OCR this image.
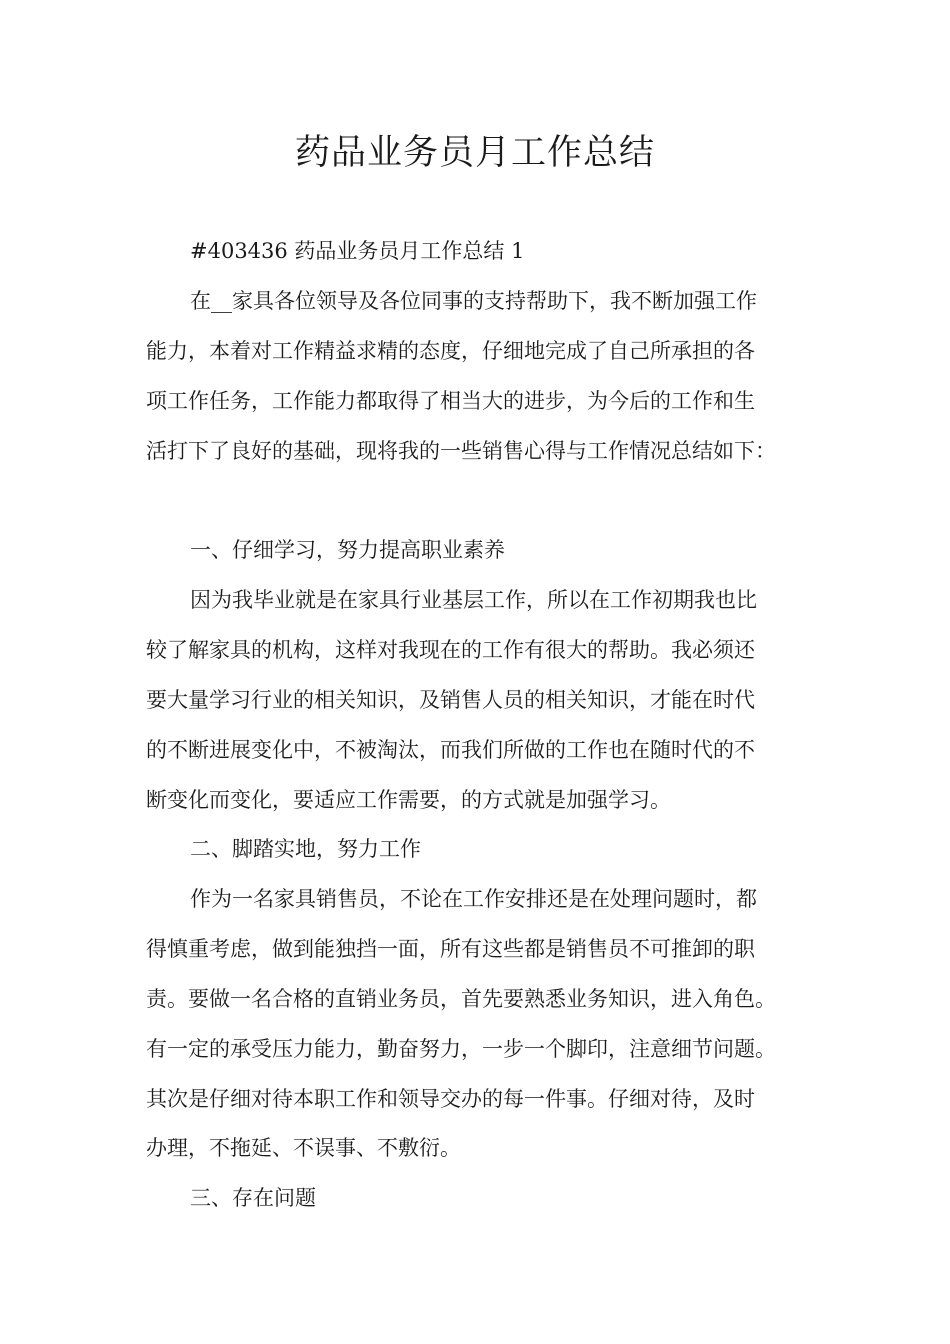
药品业务员月工作总结

#403436 药品业务员月工作总结 1

在__家具各位领导及各位同事的支持帮助下，我不断加强工作

能力，本着对工作精益求精的态度，仔细地完成了自己所承担的各

项工作任务，工作能力都取得了相当大的进步，为今后的工作和生

活打下了良好的基础，现将我的一些销售心得与工作情况总结如下：

一、仔细学习，努力提高职业素养

因为我毕业就是在家具行业基层工作，所以在工作初期我也比

较了解家具的机构，这样对我现在的工作有很大的帮助。我必须还

要大量学习行业的相关知识，及销售人员的相关知识，才能在时代

的不断进展变化中，不被淘汰，而我们所做的工作也在随时代的不

断变化而变化，要适应工作需要，的方式就是加强学习。

二、脚踏实地，努力工作

作为一名家具销售员，不论在工作安排还是在处理问题时，都

得慎重考虑，做到能独挡一面，所有这些都是销售员不可推卸的职

责。要做一名合格的直销业务员，首先要熟悉业务知识，进入角色。

有一定的承受压力能力，勤奋努力，一步一个脚印，注意细节问题。

其次是仔细对待本职工作和领导交办的每一件事。仔细对待，及时

办理，不拖延、不误事、不敷衍。

三、存在问题
